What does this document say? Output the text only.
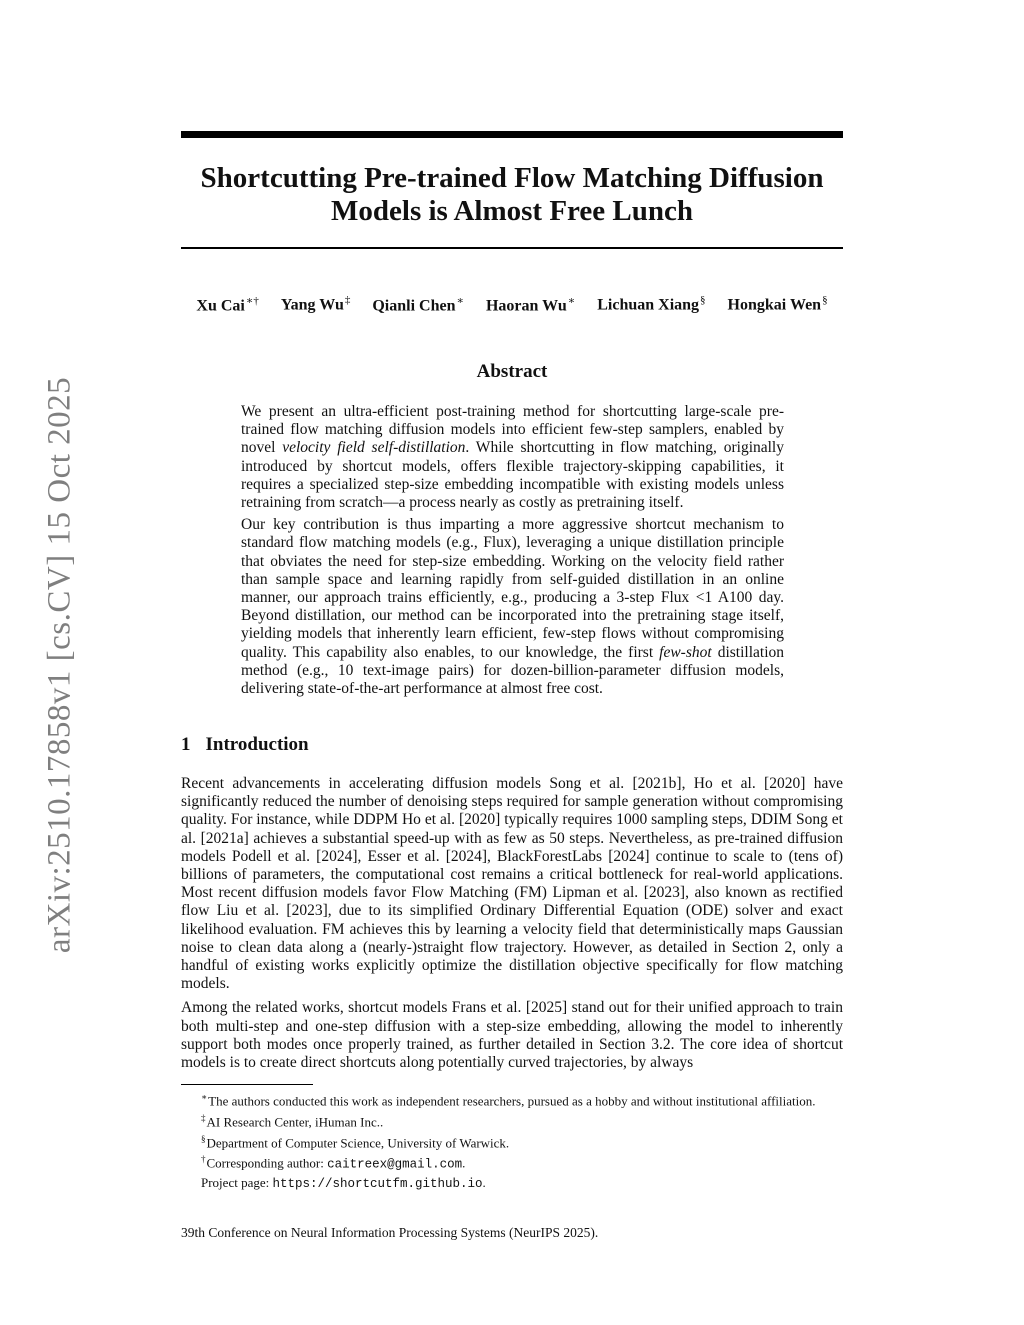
Shortcutting Pre-trained Flow Matching Diffusion Models is Almost Free Lunch
Xu Cai∗† Yang Wu‡ Qianli Chen∗ Haoran Wu∗ Lichuan Xiang§ Hongkai Wen§
arXiv:2510.17858v1 [cs.CV] 15 Oct 2025
Abstract

We present an ultra-efficient post-training method for shortcutting large-scale pre-trained flow matching diffusion models into efficient few-step samplers, enabled by novel velocity field self-distillation. While shortcutting in flow matching, originally introduced by shortcut models, offers flexible trajectory-skipping capabilities, it requires a specialized step-size embedding incompatible with existing models unless retraining from scratch—a process nearly as costly as pretraining itself.

Our key contribution is thus imparting a more aggressive shortcut mechanism to standard flow matching models (e.g., Flux), leveraging a unique distillation principle that obviates the need for step-size embedding. Working on the velocity field rather than sample space and learning rapidly from self-guided distillation in an online manner, our approach trains efficiently, e.g., producing a 3-step Flux <1 A100 day. Beyond distillation, our method can be incorporated into the pretraining stage itself, yielding models that inherently learn efficient, few-step flows without compromising quality. This capability also enables, to our knowledge, the first few-shot distillation method (e.g., 10 text-image pairs) for dozen-billion-parameter diffusion models, delivering state-of-the-art performance at almost free cost.

1 Introduction

Recent advancements in accelerating diffusion models Song et al. [2021b], Ho et al. [2020] have significantly reduced the number of denoising steps required for sample generation without compromising quality. For instance, while DDPM Ho et al. [2020] typically requires 1000 sampling steps, DDIM Song et al. [2021a] achieves a substantial speed-up with as few as 50 steps. Nevertheless, as pre-trained diffusion models Podell et al. [2024], Esser et al. [2024], BlackForestLabs [2024] continue to scale to (tens of) billions of parameters, the computational cost remains a critical bottleneck for real-world applications. Most recent diffusion models favor Flow Matching (FM) Lipman et al. [2023], also known as rectified flow Liu et al. [2023], due to its simplified Ordinary Differential Equation (ODE) solver and exact likelihood evaluation. FM achieves this by learning a velocity field that deterministically maps Gaussian noise to clean data along a (nearly-)straight flow trajectory. However, as detailed in Section 2, only a handful of existing works explicitly optimize the distillation objective specifically for flow matching models.

Among the related works, shortcut models Frans et al. [2025] stand out for their unified approach to train both multi-step and one-step diffusion with a step-size embedding, allowing the model to inherently support both modes once properly trained, as further detailed in Section 3.2. The core idea of shortcut models is to create direct shortcuts along potentially curved trajectories, by always

∗The authors conducted this work as independent researchers, pursued as a hobby and without institutional affiliation.
‡AI Research Center, iHuman Inc..
§Department of Computer Science, University of Warwick.
†Corresponding author: caitreex@gmail.com.
Project page: https://shortcutfm.github.io.
39th Conference on Neural Information Processing Systems (NeurIPS 2025).
